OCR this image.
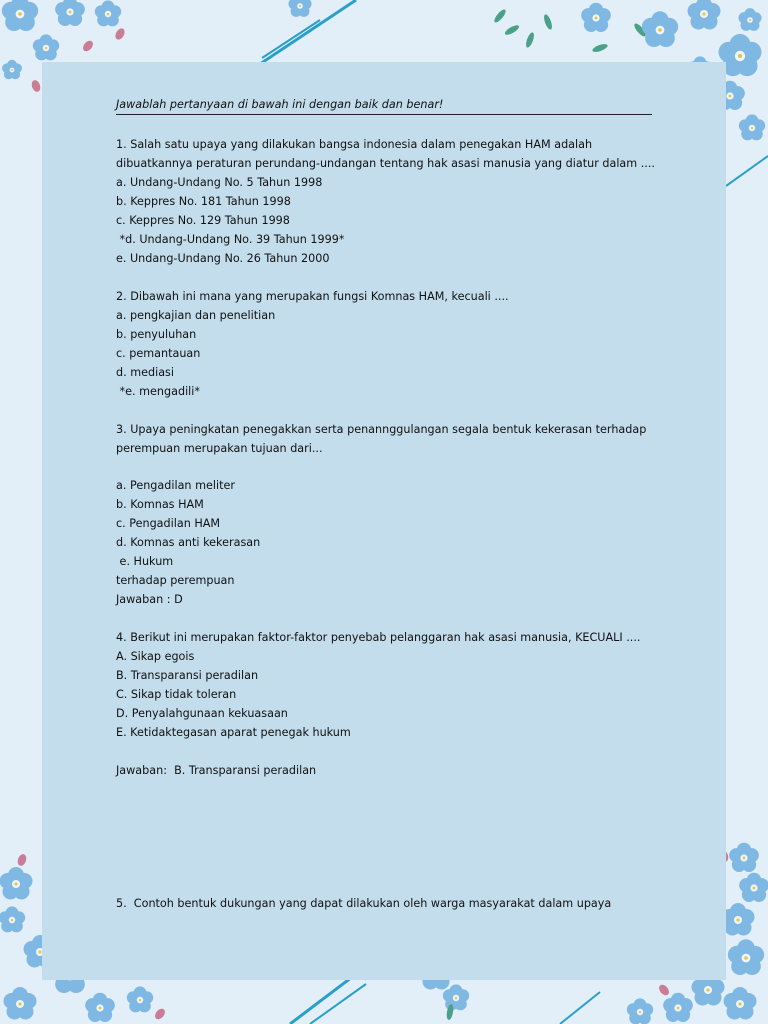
Jawablah pertanyaan di bawah ini dengan baik dan benar!
1. Salah satu upaya yang dilakukan bangsa indonesia dalam penegakan HAM adalah
dibuatkannya peraturan perundang-undangan tentang hak asasi manusia yang diatur dalam ....
a. Undang-Undang No. 5 Tahun 1998
b. Keppres No. 181 Tahun 1998
c. Keppres No. 129 Tahun 1998
*d. Undang-Undang No. 39 Tahun 1999*
e. Undang-Undang No. 26 Tahun 2000
2. Dibawah ini mana yang merupakan fungsi Komnas HAM, kecuali ....
a. pengkajian dan penelitian
b. penyuluhan
c. pemantauan
d. mediasi
*e. mengadili*
3. Upaya peningkatan penegakkan serta penannggulangan segala bentuk kekerasan terhadap
perempuan merupakan tujuan dari...
a. Pengadilan meliter
b. Komnas HAM
c. Pengadilan HAM
d. Komnas anti kekerasan
e. Hukum
terhadap perempuan
Jawaban : D
4. Berikut ini merupakan faktor-faktor penyebab pelanggaran hak asasi manusia, KECUALI ....
A. Sikap egois
B. Transparansi peradilan
C. Sikap tidak toleran
D. Penyalahgunaan kekuasaan
E. Ketidaktegasan aparat penegak hukum
Jawaban:  B. Transparansi peradilan
5.  Contoh bentuk dukungan yang dapat dilakukan oleh warga masyarakat dalam upaya
